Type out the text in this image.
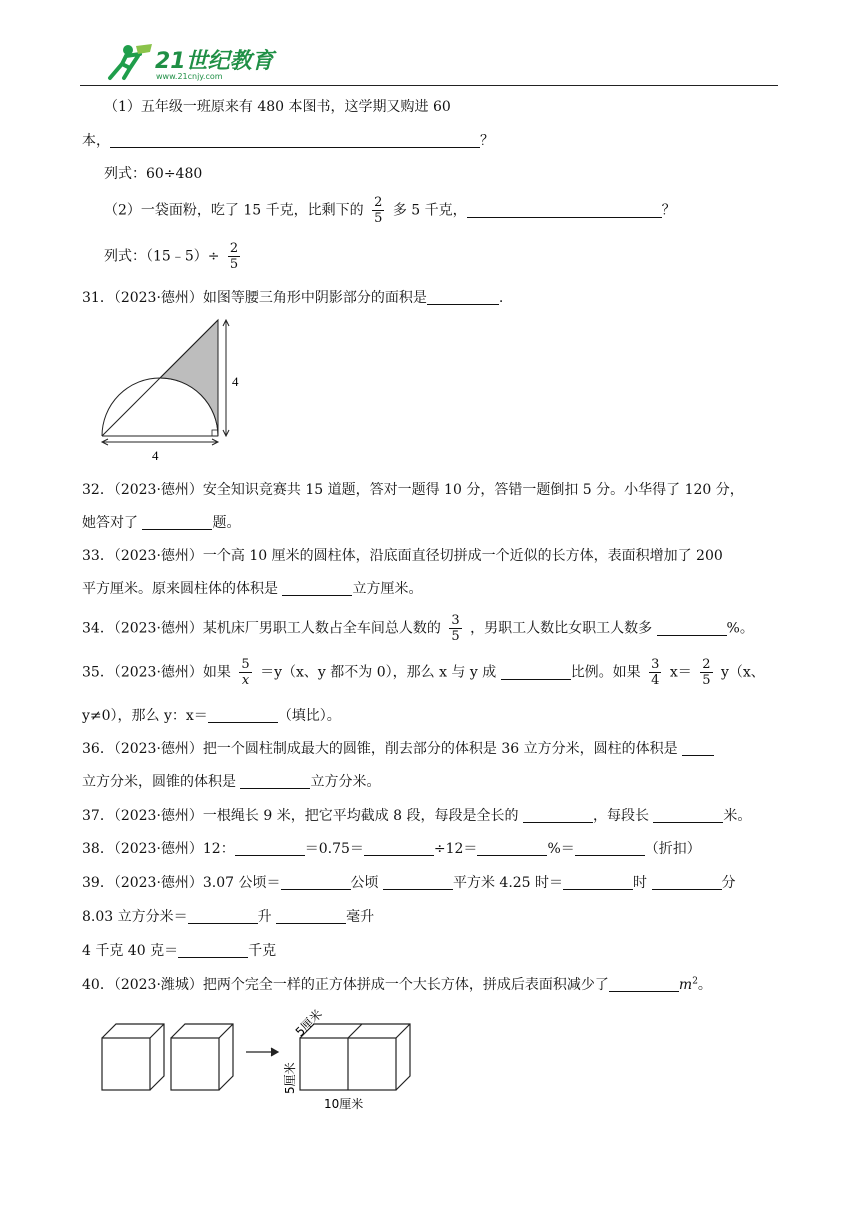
21世纪教育
www.21cnjy.com
（1）五年级一班原来有 480 本图书，这学期又购进 60
本，	？
列式：60÷480
（2）一袋面粉，吃了 15 千克，比剩下的 $\frac{2}{5}$ 多 5 千克，	？
列式：（15﹣5）÷ $\frac{2}{5}$
31．（2023·德州）如图等腰三角形中阴影部分的面积是	.
4
4
32．（2023·德州）安全知识竞赛共 15 道题，答对一题得 10 分，答错一题倒扣 5 分。小华得了 120 分，
她答对了	题。
33．（2023·德州）一个高 10 厘米的圆柱体，沿底面直径切拼成一个近似的长方体，表面积增加了 200
平方厘米。原来圆柱体的体积是	立方厘米。
34．（2023·德州）某机床厂男职工人数占全车间总人数的 $\frac{3}{5}$ ，男职工人数比女职工人数多	%。
35．（2023·德州）如果 $\frac{5}{x} =y(x$、y 都不为 0），那么 x 与 y 成	比例。如果 $\frac{3}{4} x= \frac{2}{5} y(x$、
y≠0），那么 y：x＝	（填比）。
36．（2023·德州）把一个圆柱制成最大的圆锥，削去部分的体积是 36 立方分米，圆柱的体积是
立方分米，圆锥的体积是	立方分米。
37．（2023·德州）一根绳长 9 米，把它平均截成 8 段，每段是全长的	，每段长	米。
38．（2023·德州）12：	＝0.75＝	÷12＝	%＝	（折扣）
39．（2023·德州）3.07 公顷＝	公顷	平方米 4.25 时＝	时	分
8.03 立方分米＝	升	毫升
4 千克 40 克＝	千克
40．（2023·潍城）把两个完全一样的正方体拼成一个大长方体，拼成后表面积减少了	$m^2$。
5厘米
5厘米
10厘米
